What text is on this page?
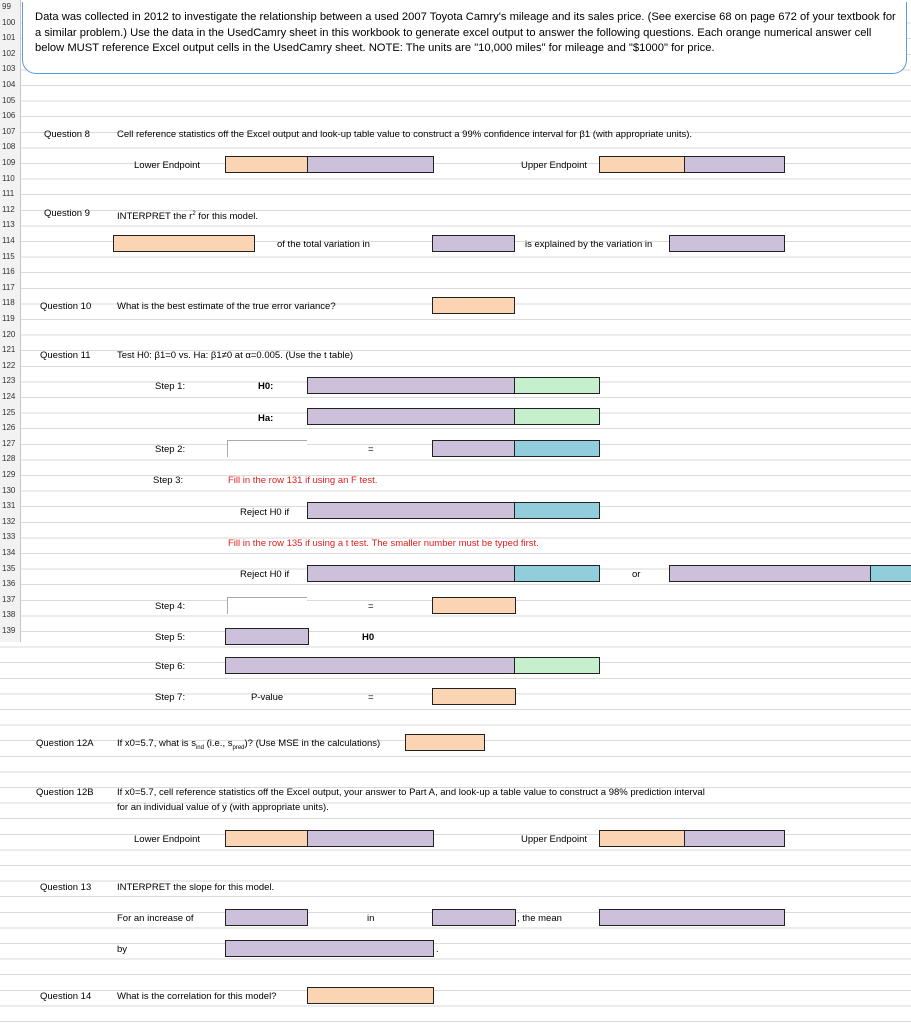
99
100
101
102
103
104
105
106
107
108
109
110
111
112
113
114
115
116
117
118
119
120
121
122
123
124
125
126
127
128
129
130
131
132
133
134
135
136
137
138
139
Data was collected in 2012 to investigate the relationship between a used 2007 Toyota Camry's mileage and its sales price. (See exercise 68 on page 672 of your textbook for a similar problem.) Use the data in the UsedCamry sheet in this workbook to generate excel output to answer the following questions. Each orange numerical answer cell below MUST reference Excel output cells in the UsedCamry sheet. NOTE: The units are "10,000 miles" for mileage and "$1000" for price.
Question 8	Cell reference statistics off the Excel output and look-up table value to construct a 99% confidence interval for β1 (with appropriate units).
Lower Endpoint	Upper Endpoint
Question 9	INTERPRET the $r^2$ for this model.
of the total variation in	is explained by the variation in
Question 10	What is the best estimate of the true error variance?
Question 11	Test H0: β1=0 vs. Ha: β1≠0 at α=0.005. (Use the t table)
Step 1:	H0:
Ha:
Step 2:	=
Step 3:	Fill in the row 131 if using an F test.
Reject H0 if
Fill in the row 135 if using a t test. The smaller number must be typed first.
Reject H0 if	or
Step 4:	=
Step 5:	H0
Step 6:
Step 7:	P-value	=
Question 12A If x0=5.7, what is $s_{ind}$ (i.e., $s_{pred}$)? (Use MSE in the calculations)
Question 12B If x0=5.7, cell reference statistics off the Excel output, your answer to Part A, and look-up a table value to construct a 98% prediction interval
for an individual value of y (with appropriate units).
Lower Endpoint	Upper Endpoint
Question 13	INTERPRET the slope for this model.
For an increase of	in	, the mean
by	.
Question 14	What is the correlation for this model?
